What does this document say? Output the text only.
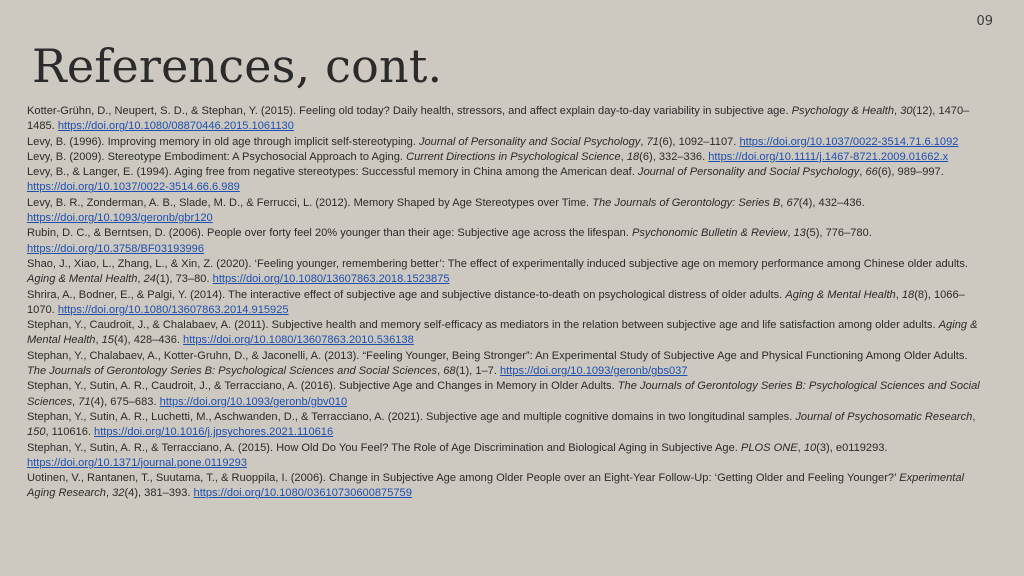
09
References, cont.

Kotter-Grühn, D., Neupert, S. D., & Stephan, Y. (2015). Feeling old today? Daily health, stressors, and affect explain day-to-day variability in subjective age. Psychology & Health, 30(12), 1470–1485. https://doi.org/10.1080/08870446.2015.1061130

Levy, B. (1996). Improving memory in old age through implicit self-stereotyping. Journal of Personality and Social Psychology, 71(6), 1092–1107. https://doi.org/10.1037/0022-3514.71.6.1092

Levy, B. (2009). Stereotype Embodiment: A Psychosocial Approach to Aging. Current Directions in Psychological Science, 18(6), 332–336. https://doi.org/10.1111/j.1467-8721.2009.01662.x

Levy, B., & Langer, E. (1994). Aging free from negative stereotypes: Successful memory in China among the American deaf. Journal of Personality and Social Psychology, 66(6), 989–997. https://doi.org/10.1037/0022-3514.66.6.989

Levy, B. R., Zonderman, A. B., Slade, M. D., & Ferrucci, L. (2012). Memory Shaped by Age Stereotypes over Time. The Journals of Gerontology: Series B, 67(4), 432–436. https://doi.org/10.1093/geronb/gbr120

Rubin, D. C., & Berntsen, D. (2006). People over forty feel 20% younger than their age: Subjective age across the lifespan. Psychonomic Bulletin & Review, 13(5), 776–780. https://doi.org/10.3758/BF03193996

Shao, J., Xiao, L., Zhang, L., & Xin, Z. (2020). ‘Feeling younger, remembering better’: The effect of experimentally induced subjective age on memory performance among Chinese older adults. Aging & Mental Health, 24(1), 73–80. https://doi.org/10.1080/13607863.2018.1523875

Shrira, A., Bodner, E., & Palgi, Y. (2014). The interactive effect of subjective age and subjective distance-to-death on psychological distress of older adults. Aging & Mental Health, 18(8), 1066–1070. https://doi.org/10.1080/13607863.2014.915925

Stephan, Y., Caudroit, J., & Chalabaev, A. (2011). Subjective health and memory self-efficacy as mediators in the relation between subjective age and life satisfaction among older adults. Aging & Mental Health, 15(4), 428–436. https://doi.org/10.1080/13607863.2010.536138

Stephan, Y., Chalabaev, A., Kotter-Gruhn, D., & Jaconelli, A. (2013). “Feeling Younger, Being Stronger”: An Experimental Study of Subjective Age and Physical Functioning Among Older Adults. The Journals of Gerontology Series B: Psychological Sciences and Social Sciences, 68(1), 1–7. https://doi.org/10.1093/geronb/gbs037

Stephan, Y., Sutin, A. R., Caudroit, J., & Terracciano, A. (2016). Subjective Age and Changes in Memory in Older Adults. The Journals of Gerontology Series B: Psychological Sciences and Social Sciences, 71(4), 675–683. https://doi.org/10.1093/geronb/gbv010

Stephan, Y., Sutin, A. R., Luchetti, M., Aschwanden, D., & Terracciano, A. (2021). Subjective age and multiple cognitive domains in two longitudinal samples. Journal of Psychosomatic Research, 150, 110616. https://doi.org/10.1016/j.jpsychores.2021.110616

Stephan, Y., Sutin, A. R., & Terracciano, A. (2015). How Old Do You Feel? The Role of Age Discrimination and Biological Aging in Subjective Age. PLOS ONE, 10(3), e0119293. https://doi.org/10.1371/journal.pone.0119293

Uotinen, V., Rantanen, T., Suutama, T., & Ruoppila, I. (2006). Change in Subjective Age among Older People over an Eight-Year Follow-Up: ‘Getting Older and Feeling Younger?’ Experimental Aging Research, 32(4), 381–393. https://doi.org/10.1080/03610730600875759
